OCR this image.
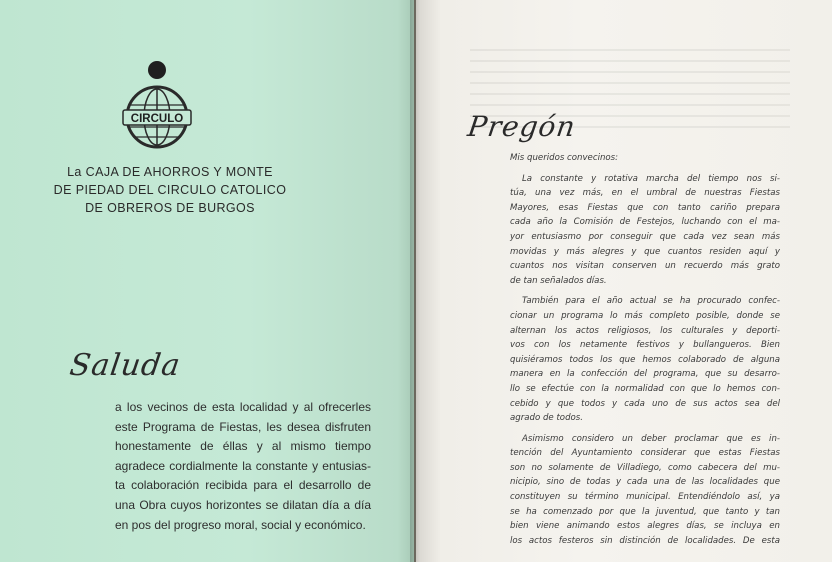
CIRCULO
La CAJA DE AHORROS Y MONTE
DE PIEDAD DEL CIRCULO CATOLICO
DE OBREROS DE BURGOS
Saluda
a los vecinos de esta localidad y al ofrecerles
este Programa de Fiestas, les desea disfruten
honestamente de éllas y al mismo tiempo
agradece cordialmente la constante y entusias-
ta colaboración recibida para el desarrollo de
una Obra cuyos horizontes se dilatan día a día
en pos del progreso moral, social y económico.
Pregón
Mis queridos convecinos:
La constante y rotativa marcha del tiempo nos si-
túa, una vez más, en el umbral de nuestras Fiestas
Mayores, esas Fiestas que con tanto cariño prepara
cada año la Comisión de Festejos, luchando con el ma-
yor entusiasmo por conseguir que cada vez sean más
movidas y más alegres y que cuantos residen aquí y
cuantos nos visitan conserven un recuerdo más grato
de tan señalados días.
También para el año actual se ha procurado confec-
cionar un programa lo más completo posible, donde se
alternan los actos religiosos, los culturales y deporti-
vos con los netamente festivos y bullangueros. Bien
quisiéramos todos los que hemos colaborado de alguna
manera en la confección del programa, que su desarro-
llo se efectúe con la normalidad con que lo hemos con-
cebido y que todos y cada uno de sus actos sea del
agrado de todos.
Asimismo considero un deber proclamar que es in-
tención del Ayuntamiento considerar que estas Fiestas
son no solamente de Villadiego, como cabecera del mu-
nicipio, sino de todas y cada una de las localidades que
constituyen su término municipal. Entendiéndolo así, ya
se ha comenzado por que la juventud, que tanto y tan
bien viene animando estos alegres días, se incluya en
los actos festeros sin distinción de localidades. De esta
